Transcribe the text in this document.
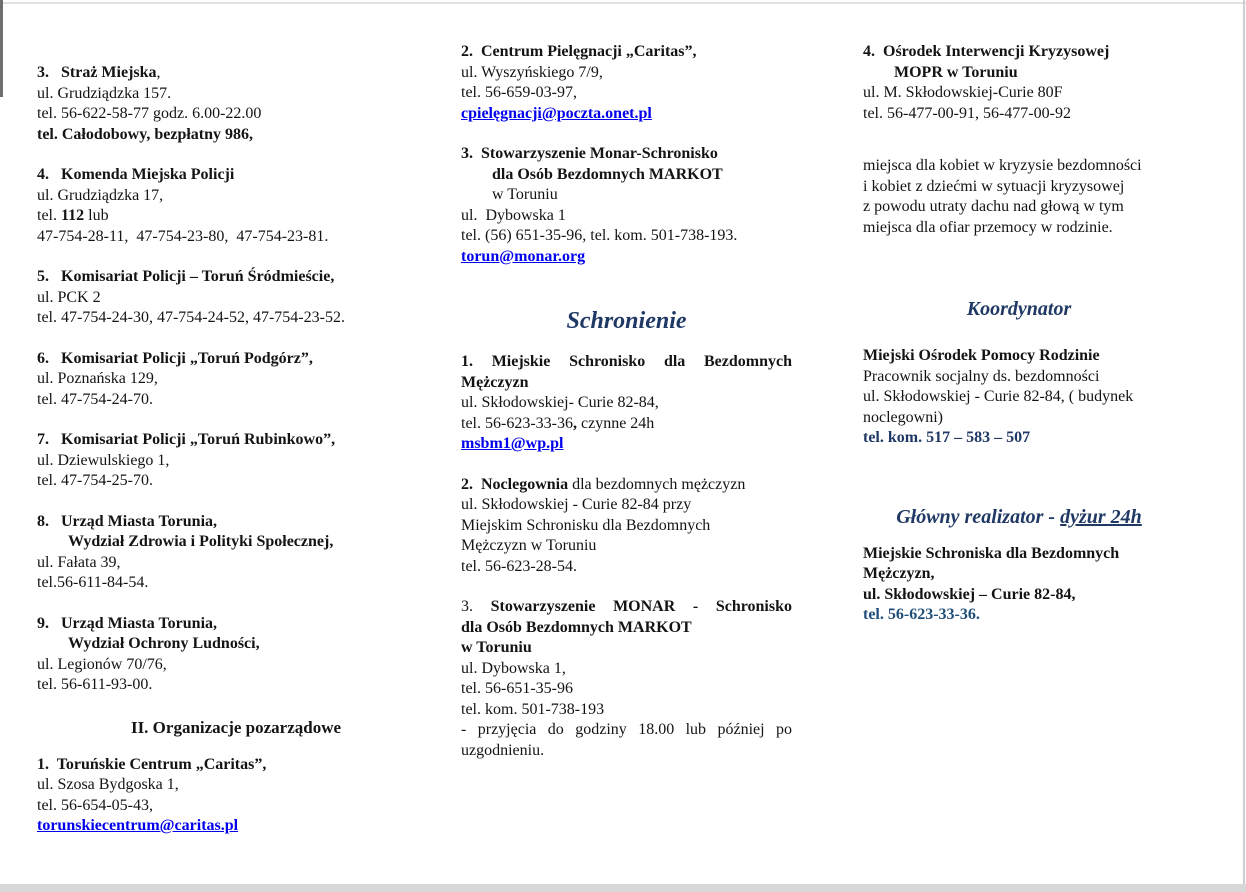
3.   Straż Miejska,
ul. Grudziądzka 157.
tel. 56-622-58-77 godz. 6.00-22.00
tel. Całodobowy, bezpłatny 986,
4.   Komenda Miejska Policji
ul. Grudziądzka 17,
tel. 112 lub
47-754-28-11,  47-754-23-80,  47-754-23-81.
5.   Komisariat Policji – Toruń Śródmieście,
ul. PCK 2
tel. 47-754-24-30, 47-754-24-52, 47-754-23-52.
6.   Komisariat Policji „Toruń Podgórz”,
ul. Poznańska 129,
tel. 47-754-24-70.
7.   Komisariat Policji „Toruń Rubinkowo”,
ul. Dziewulskiego 1,
tel. 47-754-25-70.
8.   Urząd Miasta Torunia,
Wydział Zdrowia i Polityki Społecznej,
ul. Fałata 39,
tel.56-611-84-54.
9.   Urząd Miasta Torunia,
Wydział Ochrony Ludności,
ul. Legionów 70/76,
tel. 56-611-93-00.
II. Organizacje pozarządowe
1.  Toruńskie Centrum „Caritas”,
ul. Szosa Bydgoska 1,
tel. 56-654-05-43,
torunskiecentrum@caritas.pl
2.  Centrum Pielęgnacji „Caritas”,
ul. Wyszyńskiego 7/9,
tel. 56-659-03-97,
cpielęgnacji@poczta.onet.pl
3.  Stowarzyszenie Monar-Schronisko
dla Osób Bezdomnych MARKOT
w Toruniu
ul.  Dybowska 1
tel. (56) 651-35-96, tel. kom. 501-738-193.
torun@monar.org
Schronienie
1. Miejskie Schronisko dla Bezdomnych
Mężczyzn
ul. Skłodowskiej- Curie 82-84,
tel. 56-623-33-36, czynne 24h
msbm1@wp.pl
2.  Noclegownia dla bezdomnych mężczyzn
ul. Skłodowskiej - Curie 82-84 przy
Miejskim Schronisku dla Bezdomnych
Mężczyzn w Toruniu
tel. 56-623-28-54.
3. Stowarzyszenie MONAR - Schronisko
dla Osób Bezdomnych MARKOT
w Toruniu
ul. Dybowska 1,
tel. 56-651-35-96
tel. kom. 501-738-193
- przyjęcia do godziny 18.00 lub później po
uzgodnieniu.
4.  Ośrodek Interwencji Kryzysowej
MOPR w Toruniu
ul. M. Skłodowskiej-Curie 80F
tel. 56-477-00-91, 56-477-00-92
miejsca dla kobiet w kryzysie bezdomności
i kobiet z dziećmi w sytuacji kryzysowej
z powodu utraty dachu nad głową w tym
miejsca dla ofiar przemocy w rodzinie.
Koordynator
Miejski Ośrodek Pomocy Rodzinie
Pracownik socjalny ds. bezdomności
ul. Skłodowskiej - Curie 82-84, ( budynek
noclegowni)
tel. kom. 517 – 583 – 507
Główny realizator - dyżur 24h
Miejskie Schroniska dla Bezdomnych
Mężczyzn,
ul. Skłodowskiej – Curie 82-84,
tel. 56-623-33-36.
